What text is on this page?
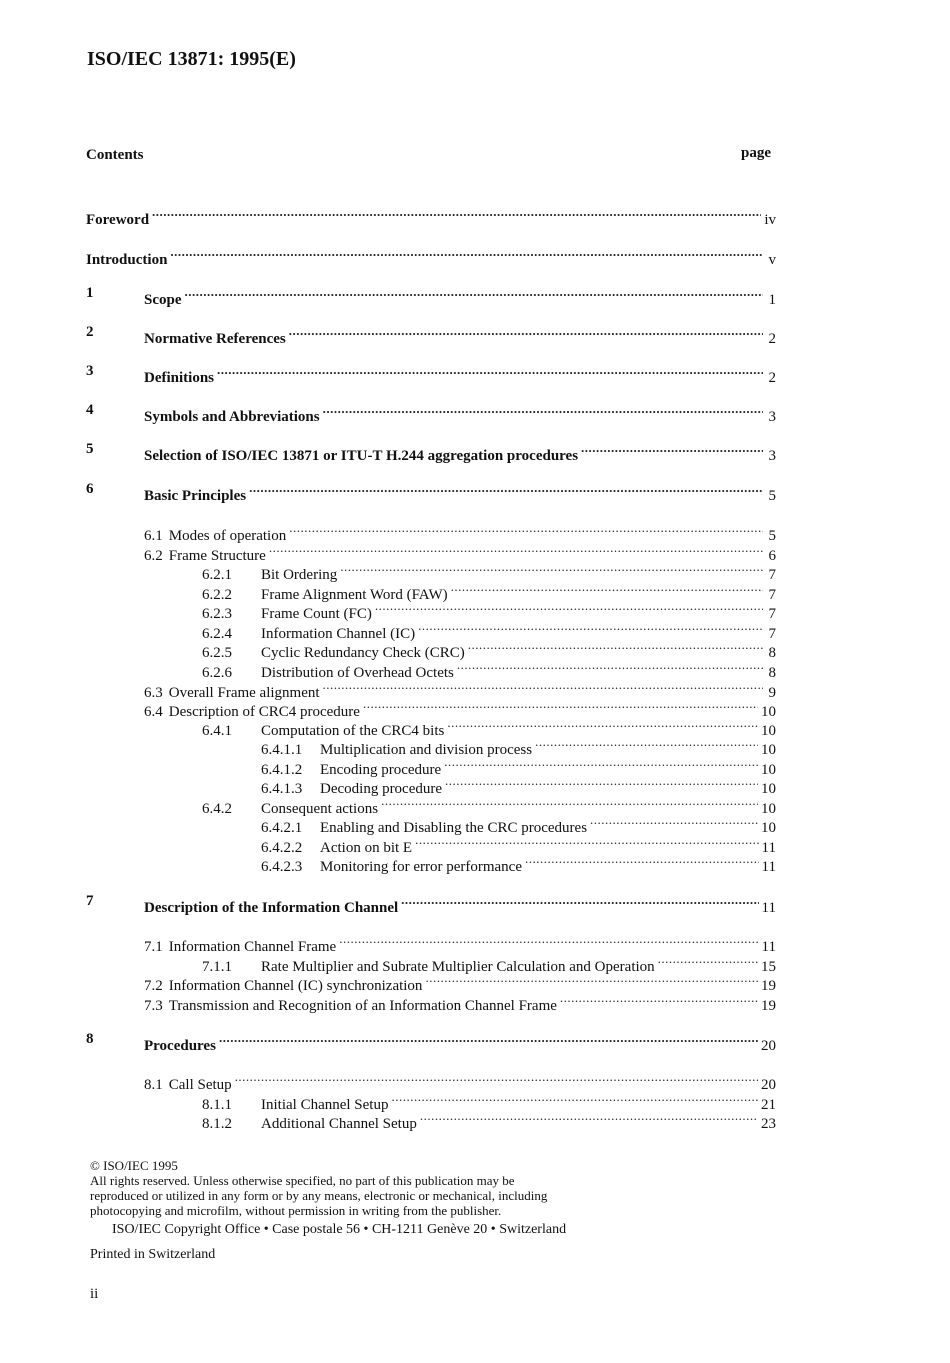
ISO/IEC 13871: 1995(E)
Contents	page
Foreword .....	iv
Introduction .....	v
1	Scope .....	1
2	Normative References .....	2
3	Definitions .....	2
4	Symbols and Abbreviations .....	3
5	Selection of ISO/IEC 13871 or ITU-T H.244 aggregation procedures .....	3
6	Basic Principles .....	5
6.1 Modes of operation .....	5
6.2 Frame Structure .....	6
6.2.1	Bit Ordering .....	7
6.2.2	Frame Alignment Word (FAW) .....	7
6.2.3	Frame Count (FC) .....	7
6.2.4	Information Channel (IC) .....	7
6.2.5	Cyclic Redundancy Check (CRC) .....	8
6.2.6	Distribution of Overhead Octets .....	8
6.3 Overall Frame alignment .....	9
6.4 Description of CRC4 procedure .....	10
6.4.1	Computation of the CRC4 bits .....	10
6.4.1.1	Multiplication and division process .....	10
6.4.1.2	Encoding procedure .....	10
6.4.1.3	Decoding procedure .....	10
6.4.2	Consequent actions .....	10
6.4.2.1	Enabling and Disabling the CRC procedures .....	10
6.4.2.2	Action on bit E .....	11
6.4.2.3	Monitoring for error performance .....	11
7	Description of the Information Channel .....	11
7.1 Information Channel Frame .....	11
7.1.1	Rate Multiplier and Subrate Multiplier Calculation and Operation .....	15
7.2 Information Channel (IC) synchronization .....	19
7.3 Transmission and Recognition of an Information Channel Frame .....	19
8	Procedures .....	20
8.1 Call Setup .....	20
8.1.1	Initial Channel Setup .....	21
8.1.2	Additional Channel Setup .....	23
© ISO/IEC 1995
All rights reserved. Unless otherwise specified, no part of this publication may be
reproduced or utilized in any form or by any means, electronic or mechanical, including
photocopying and microfilm, without permission in writing from the publisher.
ISO/IEC Copyright Office • Case postale 56 • CH-1211 Genève 20 • Switzerland
Printed in Switzerland
ii
